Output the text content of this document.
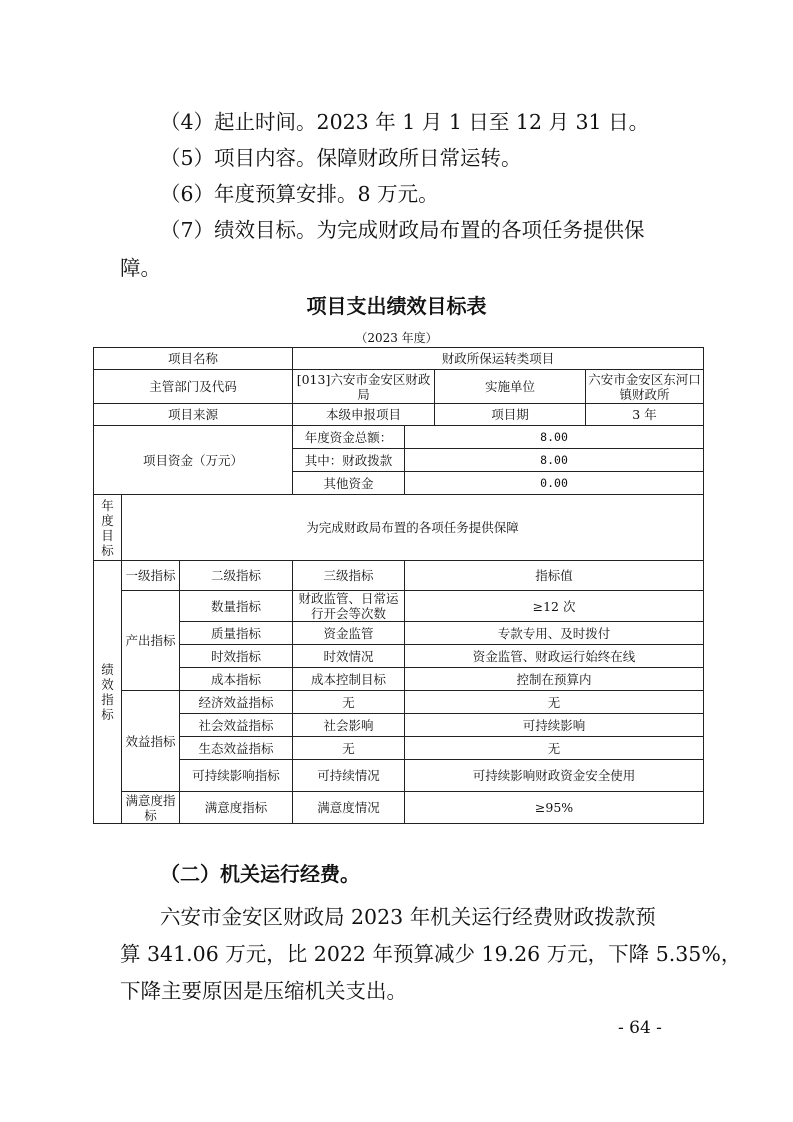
（4）起止时间。2023 年 1 月 1 日至 12 月 31 日。
（5）项目内容。保障财政所日常运转。
（6）年度预算安排。8 万元。
（7）绩效目标。为完成财政局布置的各项任务提供保
障。
项目支出绩效目标表
（2023 年度）
项目名称			财政所保运转类项目			
主管部门及代码			[013]六安市金安区财政局		实施单位	六安市金安区东河口镇财政所
项目来源			本级申报项目		项目期	3 年
项目资金（万元）			年度资金总额：	8.00		
			其中：财政拨款	8.00		
			其他资金	0.00		
年度目标	为完成财政局布置的各项任务提供保障					
绩效指标	一级指标	二级指标	三级指标	指标值		
	产出指标	数量指标	财政监管、日常运行开会等次数	≥12 次		
		质量指标	资金监管	专款专用、及时拨付		
		时效指标	时效情况	资金监管、财政运行始终在线		
		成本指标	成本控制目标	控制在预算内		
	效益指标	经济效益指标	无	无		
		社会效益指标	社会影响	可持续影响		
		生态效益指标	无	无		
		可持续影响指标	可持续情况	可持续影响财政资金安全使用		
	满意度指标	满意度指标	满意度情况	≥95%		
（二）机关运行经费。
六安市金安区财政局 2023 年机关运行经费财政拨款预
算 341.06 万元，比 2022 年预算减少 19.26 万元，下降 5.35%，
下降主要原因是压缩机关支出。
- 64 -
